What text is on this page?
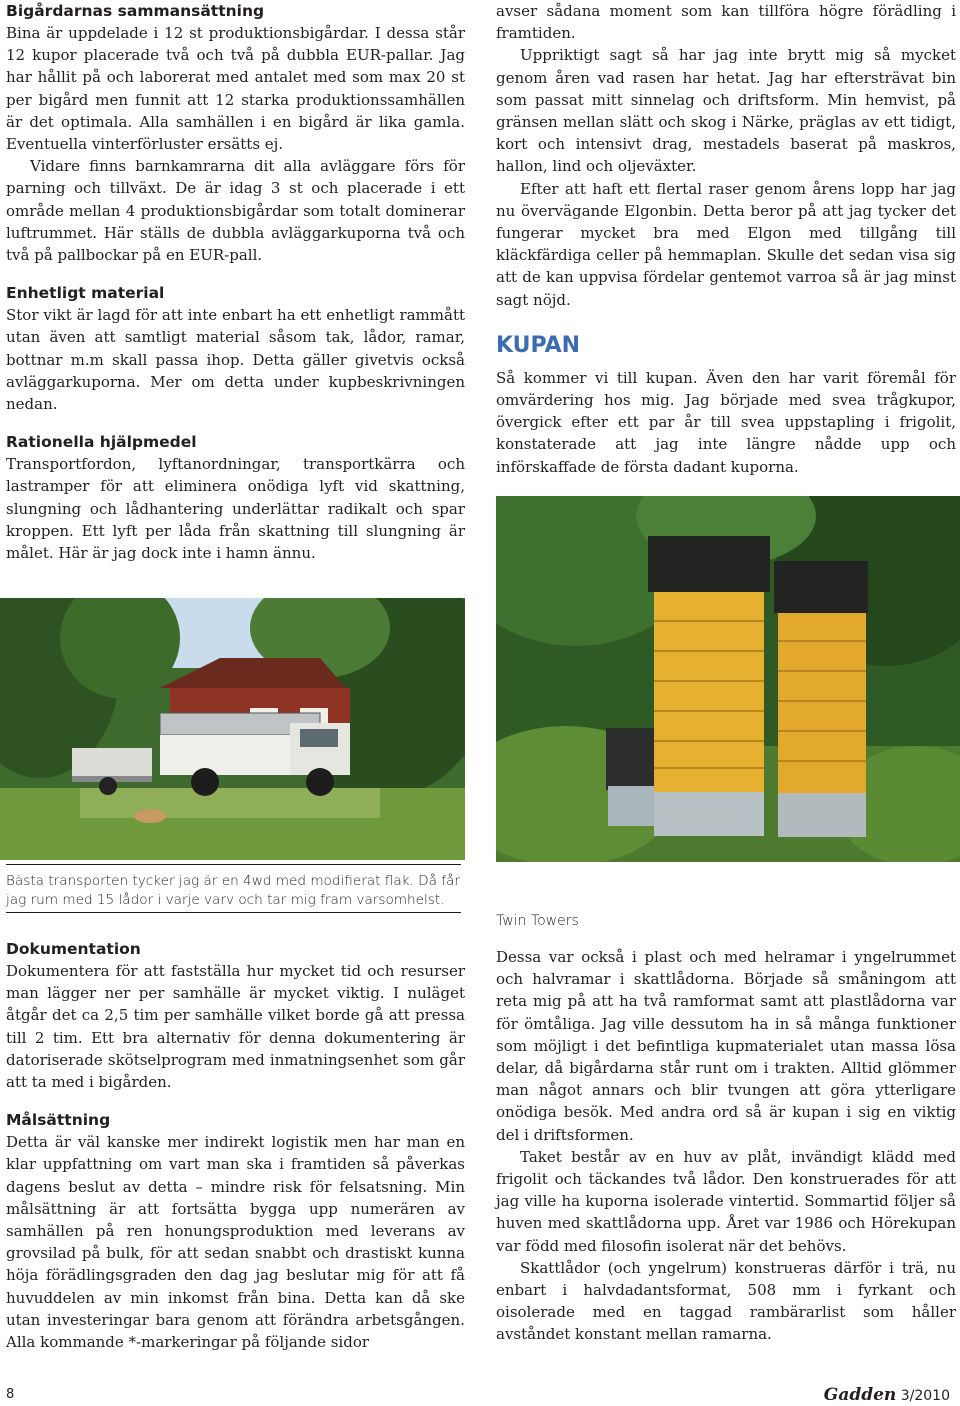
Bigårdarnas sammansättning

Bina är uppdelade i 12 st produktionsbigårdar. I dessa står 12 kupor placerade två och två på dubbla EUR-pallar. Jag har hållit på och laborerat med antalet med som max 20 st per bigård men funnit att 12 starka produktionssamhällen är det optimala. Alla samhällen i en bigård är lika gamla. Eventuella vinterförluster ersätts ej.

Vidare finns barnkamrarna dit alla avläggare förs för parning och tillväxt. De är idag 3 st och placerade i ett område mellan 4 produktionsbigårdar som totalt dominerar luftrummet. Här ställs de dubbla avläggarkuporna två och två på pallbockar på en EUR-pall.

Enhetligt material

Stor vikt är lagd för att inte enbart ha ett enhetligt rammått utan även att samtligt material såsom tak, lådor, ramar, bottnar m.m skall passa ihop. Detta gäller givetvis också avläggarkuporna. Mer om detta under kupbeskrivningen nedan.

Rationella hjälpmedel

Transportfordon, lyftanordningar, transportkärra och lastramper för att eliminera onödiga lyft vid skattning, slungning och lådhantering underlättar radikalt och spar kroppen. Ett lyft per låda från skattning till slungning är målet. Här är jag dock inte i hamn ännu.

avser sådana moment som kan tillföra högre förädling i framtiden.

Uppriktigt sagt så har jag inte brytt mig så mycket genom åren vad rasen har hetat. Jag har eftersträvat bin som passat mitt sinnelag och driftsform. Min hemvist, på gränsen mellan slätt och skog i Närke, präglas av ett tidigt, kort och intensivt drag, mestadels baserat på maskros, hallon, lind och oljeväxter.

Efter att haft ett flertal raser genom årens lopp har jag nu övervägande Elgonbin. Detta beror på att jag tycker det fungerar mycket bra med Elgon med tillgång till kläckfärdiga celler på hemmaplan. Skulle det sedan visa sig att de kan uppvisa fördelar gentemot varroa så är jag minst sagt nöjd.

KUPAN

Så kommer vi till kupan. Även den har varit föremål för omvärdering hos mig. Jag började med svea trågkupor, övergick efter ett par år till svea uppstapling i frigolit, konstaterade att jag inte längre nådde upp och införskaffade de första dadant kuporna.

Bästa transporten tycker jag är en 4wd med modifierat flak. Då får jag rum med 15 lådor i varje varv och tar mig fram varsomhelst.
Twin Towers
Dokumentation

Dokumentera för att fastställa hur mycket tid och resurser man lägger ner per samhälle är mycket viktig. I nuläget åtgår det ca 2,5 tim per samhälle vilket borde gå att pressa till 2 tim. Ett bra alternativ för denna dokumentering är datoriserade skötselprogram med inmatningsenhet som går att ta med i bigården.

Målsättning

Detta är väl kanske mer indirekt logistik men har man en klar uppfattning om vart man ska i framtiden så påverkas dagens beslut av detta – mindre risk för felsatsning. Min målsättning är att fortsätta bygga upp numerären av samhällen på ren honungsproduktion med leverans av grovsilad på bulk, för att sedan snabbt och drastiskt kunna höja förädlingsgraden den dag jag beslutar mig för att få huvuddelen av min inkomst från bina. Detta kan då ske utan investeringar bara genom att förändra arbetsgången. Alla kommande *-markeringar på följande sidor

Dessa var också i plast och med helramar i yngelrummet och halvramar i skattlådorna. Började så småningom att reta mig på att ha två ramformat samt att plastlådorna var för ömtåliga. Jag ville dessutom ha in så många funktioner som möjligt i det befintliga kupmaterialet utan massa lösa delar, då bigårdarna står runt om i trakten. Alltid glömmer man något annars och blir tvungen att göra ytterligare onödiga besök. Med andra ord så är kupan i sig en viktig del i driftsformen.

Taket består av en huv av plåt, invändigt klädd med frigolit och täckandes två lådor. Den konstruerades för att jag ville ha kuporna isolerade vintertid. Sommartid följer så huven med skattlådorna upp. Året var 1986 och Hörekupan var född med filosofin isolerat när det behövs.

Skattlådor (och yngelrum) konstrueras därför i trä, nu enbart i halvdadantsformat, 508 mm i fyrkant och oisolerade med en taggad rambärarlist som håller avståndet konstant mellan ramarna.

8	Gadden 3/2010
